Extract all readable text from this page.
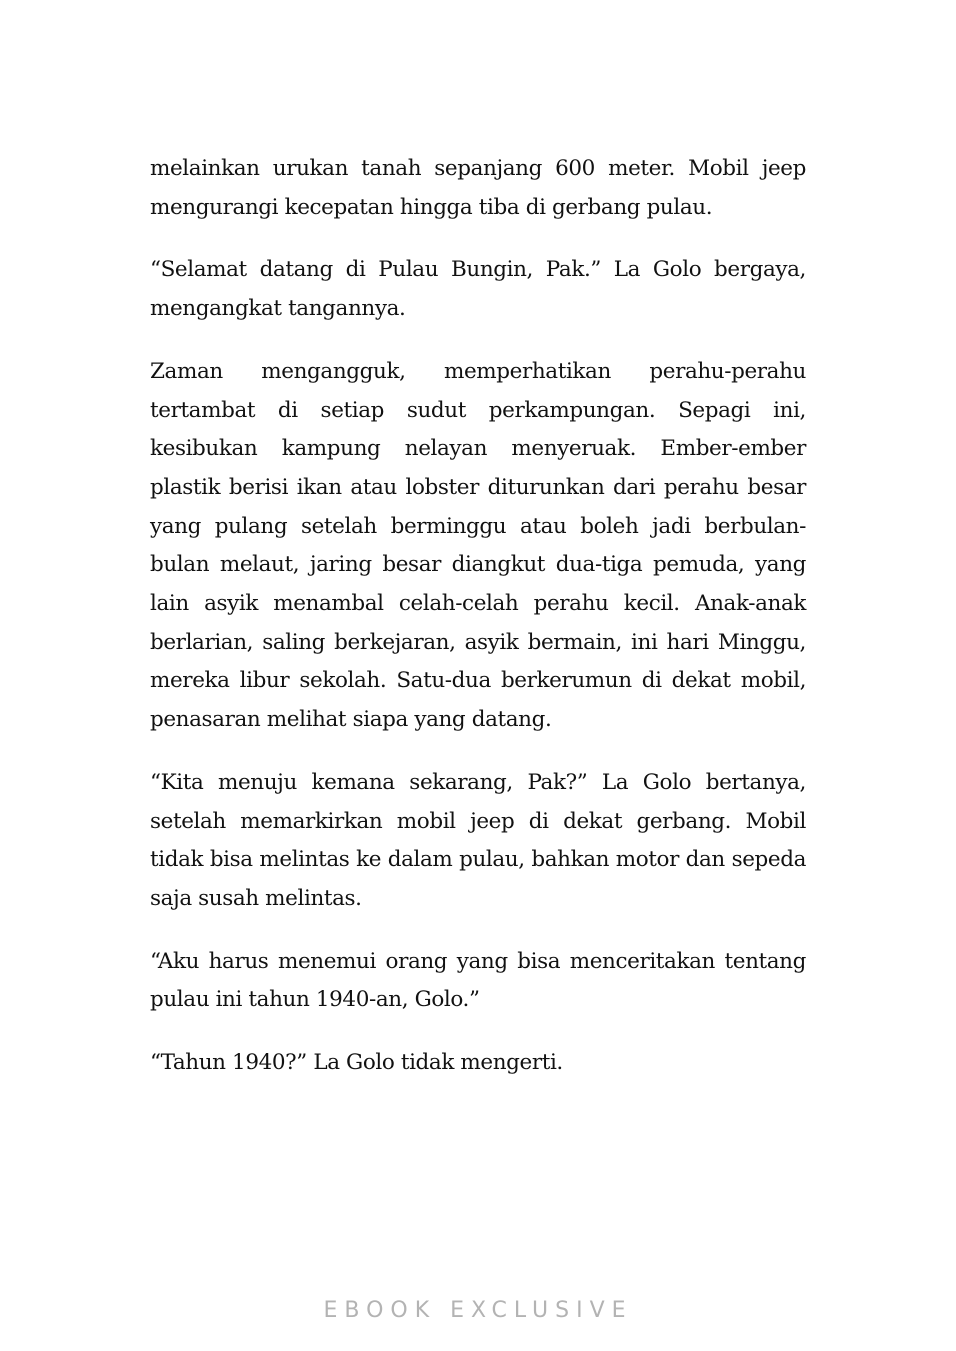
melainkan urukan tanah sepanjang 600 meter. Mobil jeep mengurangi kecepatan hingga tiba di gerbang pulau.

“Selamat datang di Pulau Bungin, Pak.” La Golo bergaya, mengangkat tangannya.

Zaman mengangguk, memperhatikan perahu-perahu tertambat di setiap sudut perkampungan. Sepagi ini, kesibukan kampung nelayan menyeruak. Ember-ember plastik berisi ikan atau lobster diturunkan dari perahu besar yang pulang setelah berminggu atau boleh jadi berbulan-bulan melaut, jaring besar diangkut dua-tiga pemuda, yang lain asyik menambal celah-celah perahu kecil. Anak-anak berlarian, saling berkejaran, asyik bermain, ini hari Minggu, mereka libur sekolah. Satu-dua berkerumun di dekat mobil, penasaran melihat siapa yang datang.

“Kita menuju kemana sekarang, Pak?” La Golo bertanya, setelah memarkirkan mobil jeep di dekat gerbang. Mobil tidak bisa melintas ke dalam pulau, bahkan motor dan sepeda saja susah melintas.

“Aku harus menemui orang yang bisa menceritakan tentang pulau ini tahun 1940-an, Golo.”

“Tahun 1940?” La Golo tidak mengerti.

EBOOK EXCLUSIVE
